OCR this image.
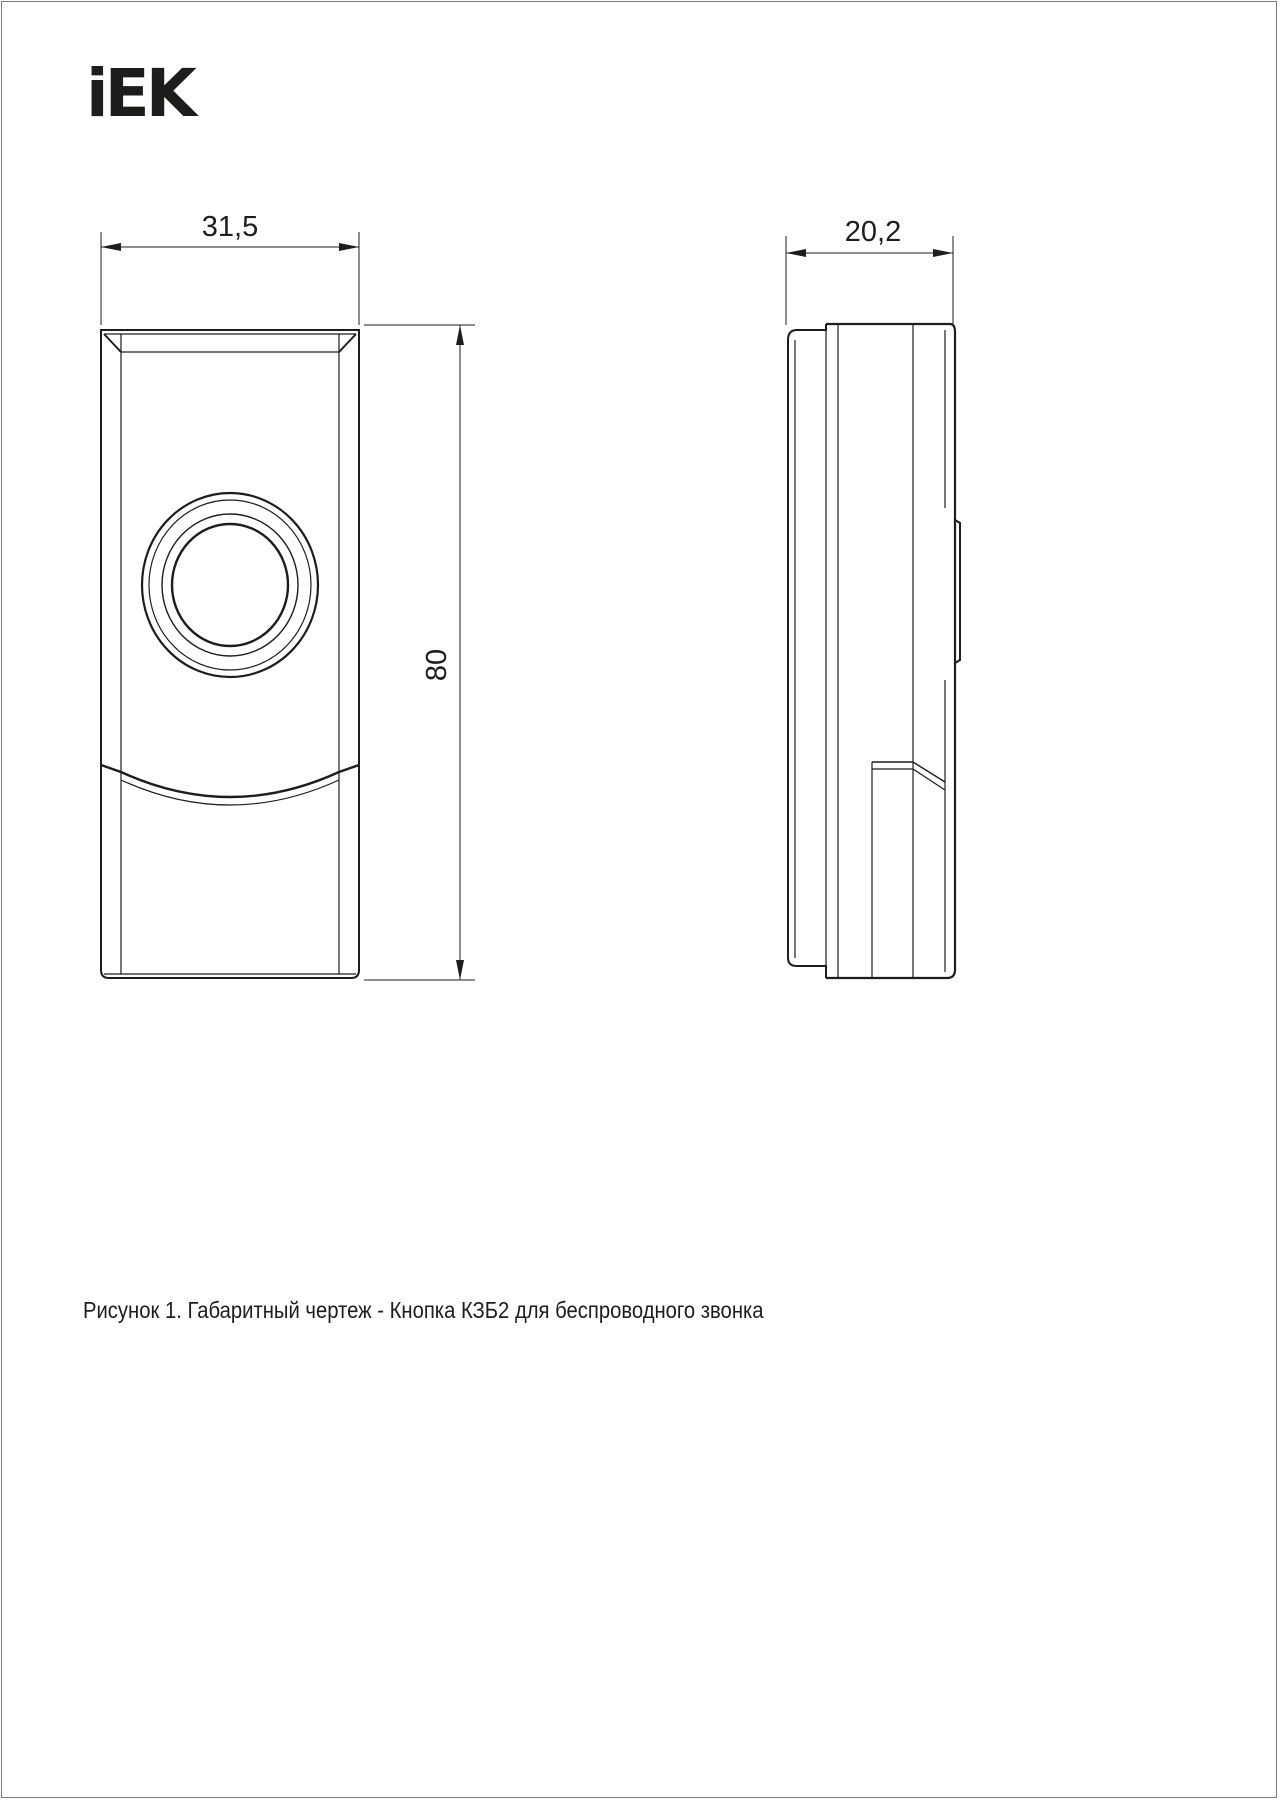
iEK
31,5
80
20,2
Рисунок 1. Габаритный чертеж - Кнопка КЗБ2 для беспроводного звонка
